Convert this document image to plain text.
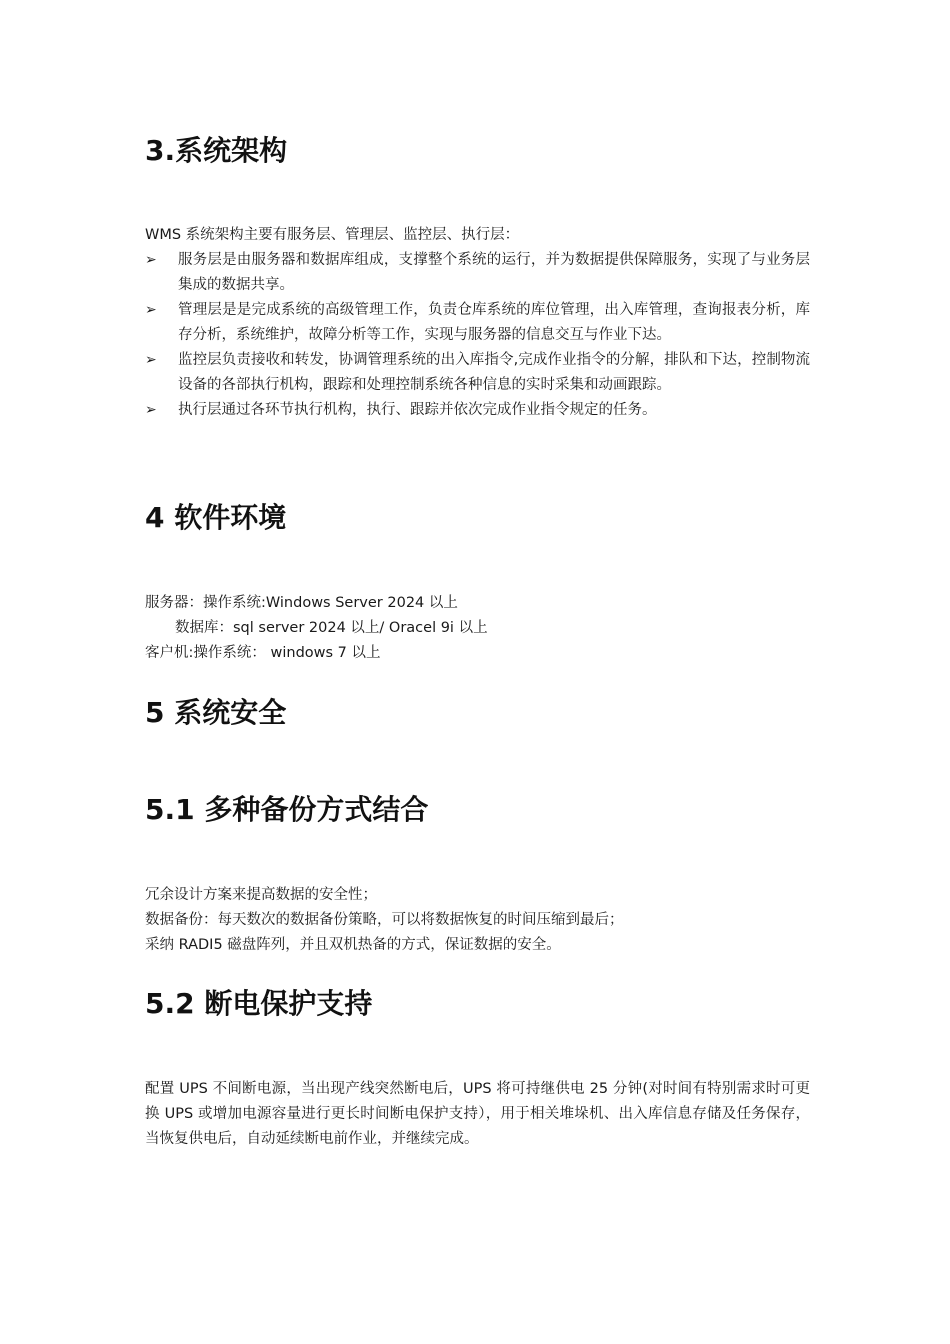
3.系统架构

WMS 系统架构主要有服务层、管理层、监控层、执行层：

➢ 服务层是由服务器和数据库组成，支撑整个系统的运行，并为数据提供保障服务，实现了与业务层集成的数据共享。
➢ 管理层是是完成系统的高级管理工作，负责仓库系统的库位管理，出入库管理，查询报表分析，库存分析，系统维护，故障分析等工作，实现与服务器的信息交互与作业下达。
➢ 监控层负责接收和转发，协调管理系统的出入库指令,完成作业指令的分解，排队和下达，控制物流设备的各部执行机构，跟踪和处理控制系统各种信息的实时采集和动画跟踪。
➢ 执行层通过各环节执行机构，执行、跟踪并依次完成作业指令规定的任务。
4 软件环境

服务器：操作系统:Windows Server 2024 以上

数据库：sql server 2024 以上/ Oracel 9i 以上

客户机:操作系统： windows 7 以上

5 系统安全
5.1 多种备份方式结合

冗余设计方案来提高数据的安全性；

数据备份：每天数次的数据备份策略，可以将数据恢复的时间压缩到最后；

采纳 RADI5 磁盘阵列，并且双机热备的方式，保证数据的安全。

5.2 断电保护支持

配置 UPS 不间断电源，当出现产线突然断电后，UPS 将可持继供电 25 分钟(对时间有特别需求时可更换 UPS 或增加电源容量进行更长时间断电保护支持），用于相关堆垛机、出入库信息存储及任务保存，当恢复供电后，自动延续断电前作业，并继续完成。
